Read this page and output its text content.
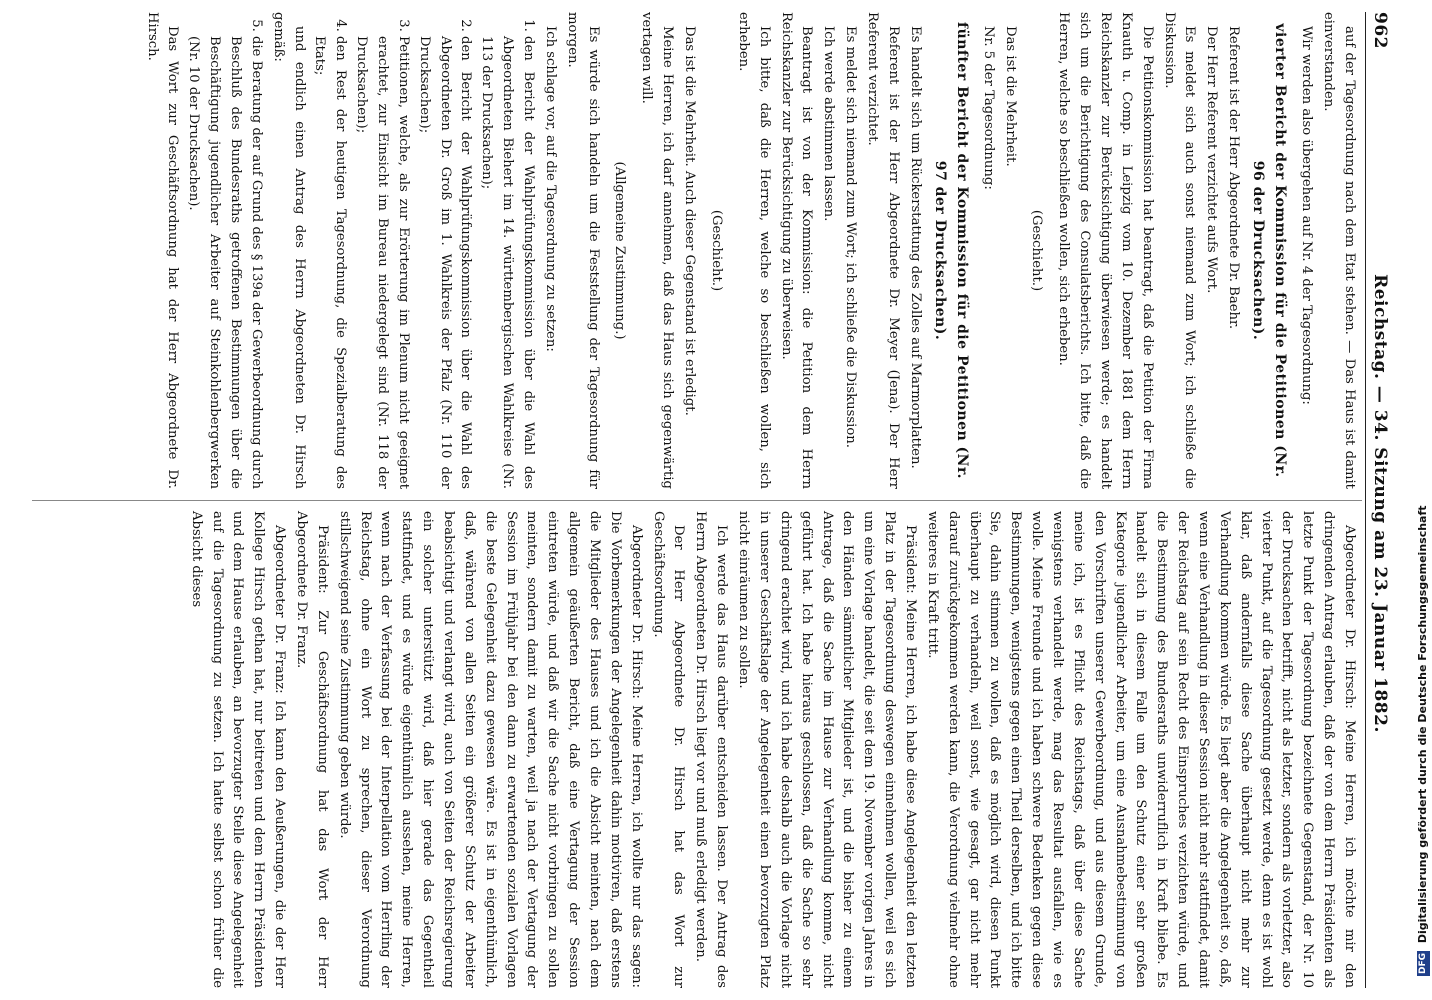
962
Reichstag. — 34. Sitzung am 23. Januar 1882.

auf der Tagesordnung nach dem Etat stehen. — Das Haus ist damit einverstanden.

Wir werden also übergehen auf Nr. 4 der Tagesordnung:

vierter Bericht der Kommission für die Petitionen (Nr. 96 der Drucksachen).

Referent ist der Herr Abgeordnete Dr. Baehr.

Der Herr Referent verzichtet aufs Wort.

Es meldet sich auch sonst niemand zum Wort; ich schließe die Diskussion.

Die Petitionskommission hat beantragt, daß die Petition der Firma Knauth u. Comp. in Leipzig vom 10. Dezember 1881 dem Herrn Reichskanzler zur Berücksichtigung überwiesen werde; es handelt sich um die Berichtigung des Consulatsberichts. Ich bitte, daß die Herren, welche so beschließen wollen, sich erheben.

(Geschieht.)

Das ist die Mehrheit.

Nr. 5 der Tagesordnung:

fünfter Bericht der Kommission für die Petitionen (Nr. 97 der Drucksachen).

Es handelt sich um Rückerstattung des Zolles auf Marmorplatten.

Referent ist der Herr Abgeordnete Dr. Meyer (Jena). Der Herr Referent verzichtet.

Es meldet sich niemand zum Wort; ich schließe die Diskussion.

Ich werde abstimmen lassen.

Beantragt ist von der Kommission: die Petition dem Herrn Reichskanzler zur Berücksichtigung zu überweisen.

Ich bitte, daß die Herren, welche so beschließen wollen, sich erheben.

(Geschieht.)

Das ist die Mehrheit. Auch dieser Gegenstand ist erledigt.

Meine Herren, ich darf annehmen, daß das Haus sich gegenwärtig vertagen will.

(Allgemeine Zustimmung.)

Es würde sich handeln um die Feststellung der Tagesordnung für morgen.

Ich schlage vor, auf die Tagesordnung zu setzen:

1. den Bericht der Wahlprüfungskommission über die Wahl des Abgeordneten Biehert im 14. württembergischen Wahlkreise (Nr. 113 der Drucksachen);
2. den Bericht der Wahlprüfungskommission über die Wahl des Abgeordneten Dr. Groß im 1. Wahlkreis der Pfalz (Nr. 110 der Drucksachen);
3. Petitionen, welche, als zur Erörterung im Plenum nicht geeignet erachtet, zur Einsicht im Bureau niedergelegt sind (Nr. 118 der Drucksachen);
4. den Rest der heutigen Tagesordnung, die Spezialberatung des Etats;

und endlich einen Antrag des Herrn Abgeordneten Dr. Hirsch gemäß:

5. die Beratung der auf Grund des § 139a der Gewerbeordnung durch Beschluß des Bundesraths getroffenen Bestimmungen über die Beschäftigung jugendlicher Arbeiter auf Steinkohlenbergwerken (Nr. 10 der Drucksachen).

Das Wort zur Geschäftsordnung hat der Herr Abgeordnete Dr. Hirsch.

Abgeordneter Dr. Hirsch: Meine Herren, ich möchte mir den dringenden Antrag erlauben, daß der von dem Herrn Präsidenten als letzte Punkt der Tagesordnung bezeichnete Gegenstand, der Nr. 10 der Drucksachen betrifft, nicht als letzter, sondern als vorletzter, also vierter Punkt, auf die Tagesordnung gesetzt werde, denn es ist wohl klar, daß andernfalls diese Sache überhaupt nicht mehr zur Verhandlung kommen würde. Es liegt aber die Angelegenheit so, daß, wenn eine Verhandlung in dieser Session nicht mehr stattfindet, damit der Reichstag auf sein Recht des Einspruches verzichten würde, und die Bestimmung des Bundesraths unwiderruflich in Kraft bliebe. Es handelt sich in diesem Falle um den Schutz einer sehr großen Kategorie jugendlicher Arbeiter, um eine Ausnahmebestimmung von den Vorschriften unserer Gewerbeordnung, und aus diesem Grunde, meine ich, ist es Pflicht des Reichstags, daß über diese Sache wenigstens verhandelt werde, mag das Resultat ausfallen, wie es wolle. Meine Freunde und ich haben schwere Bedenken gegen diese Bestimmungen, wenigstens gegen einen Theil derselben, und ich bitte Sie, dahin stimmen zu wollen, daß es möglich wird, diesen Punkt überhaupt zu verhandeln, weil sonst, wie gesagt, gar nicht mehr darauf zurückgekommen werden kann, die Verordnung vielmehr ohne weiteres in Kraft tritt.

Präsident: Meine Herren, ich habe diese Angelegenheit den letzten Platz in der Tagesordnung deswegen einnehmen wollen, weil es sich um eine Vorlage handelt, die seit dem 19. November vorigen Jahres in den Händen sämmtlicher Mitglieder ist, und die bisher zu einem Antrage, daß die Sache im Hause zur Verhandlung komme, nicht geführt hat. Ich habe hieraus geschlossen, daß die Sache so sehr dringend erachtet wird, und ich habe deshalb auch die Vorlage nicht in unserer Geschäftslage der Angelegenheit einen bevorzugten Platz nicht einräumen zu sollen.

Ich werde das Haus darüber entscheiden lassen. Der Antrag des Herrn Abgeordneten Dr. Hirsch liegt vor und muß erledigt werden.

Der Herr Abgeordnete Dr. Hirsch hat das Wort zur Geschäftsordnung.

Abgeordneter Dr. Hirsch: Meine Herren, ich wollte nur das sagen: Die Vorbemerkungen der Angelegenheit dahin motiviren, daß erstens die Mitglieder des Hauses und ich die Absicht meinten, nach dem allgemein geäußerten Bericht, daß eine Vertagung der Session eintreten würde, und daß wir die Sache nicht vorbringen zu sollen meinten, sondern damit zu warten, weil ja nach der Vertagung der Session im Frühjahr bei den dann zu erwartenden sozialen Vorlagen die beste Gelegenheit dazu gewesen wäre. Es ist in eigenthümlich, daß, während von allen Seiten ein größerer Schutz der Arbeiter beabsichtigt und verlangt wird, auch von Seiten der Reichsregierung ein solcher unterstützt wird, daß hier gerade das Gegentheil stattfindet, und es würde eigenthümlich aussehen, meine Herren, wenn nach der Verfassung bei der Interpellation vom Herrling der Reichstag, ohne ein Wort zu sprechen, dieser Verordnung stillschweigend seine Zustimmung geben würde.

Präsident: Zur Geschäftsordnung hat das Wort der Herr Abgeordnete Dr. Franz.

Abgeordneter Dr. Franz: Ich kann den Aeußerungen, die der Herr Kollege Hirsch gethan hat, nur beitreten und dem Herrn Präsidenten und dem Hause erlauben, an bevorzugter Stelle diese Angelegenheit auf die Tagesordnung zu setzen. Ich hatte selbst schon früher die Absicht dieses

DFG Digitalisierung gefördert durch die Deutsche Forschungsgemeinschaft
